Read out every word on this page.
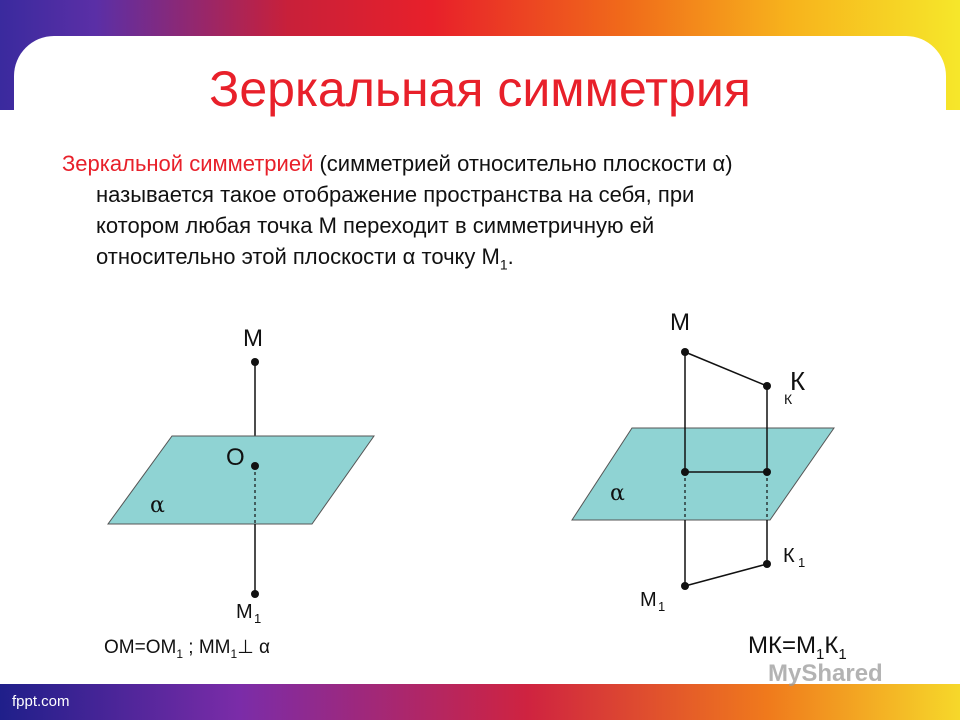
fppt.com
Зеркальная симметрия
Зеркальной симметрией (симметрией относительно плоскости α)
называется такое отображение пространства на себя, при
котором любая точка М переходит в симметричную ей
относительно этой плоскости α точку $М_1$.
М
О
α
М 1
М
К
К
α
К 1
М 1
$ОМ=ОМ_1$ ; $ММ_1\perp$ α	$МК=М_1К_1$
MyShared
